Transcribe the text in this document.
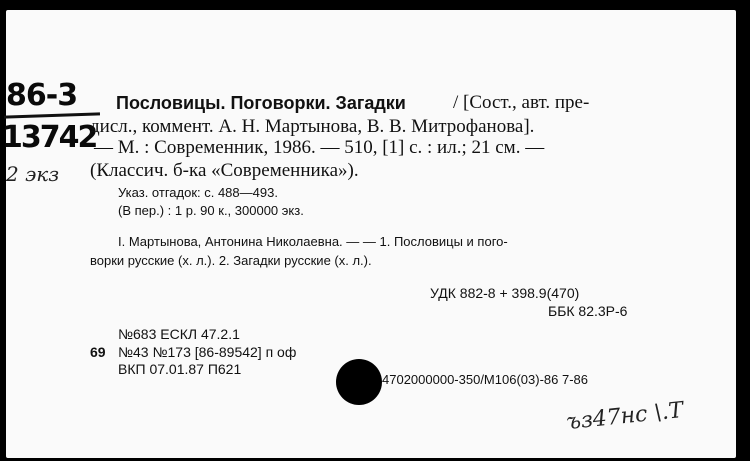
86-3
13742
2 экз
Пословицы. Поговорки. Загадки / [Сост., авт. пре-
дисл., коммент. А. Н. Мартынова, В. В. Митрофанова].
— М. : Современник, 1986. — 510, [1] с. : ил.; 21 см. —
(Классич. б-ка «Современника»).
Указ. отгадок: с. 488—493.
(В пер.) : 1 р. 90 к., 300000 экз.
I. Мартынова, Антонина Николаевна. — — 1. Пословицы и пого-
ворки русские (х. л.). 2. Загадки русские (х. л.).
УДК 882-8 + 398.9(470)
ББК 82.3Р-6
№683 ЕСКЛ 47.2.1
69 №43 №173 [86-89542] п оф
ВКП 07.01.87 П621
4702000000-350/М106(03)-86 7-86
ъз47нс \.T
